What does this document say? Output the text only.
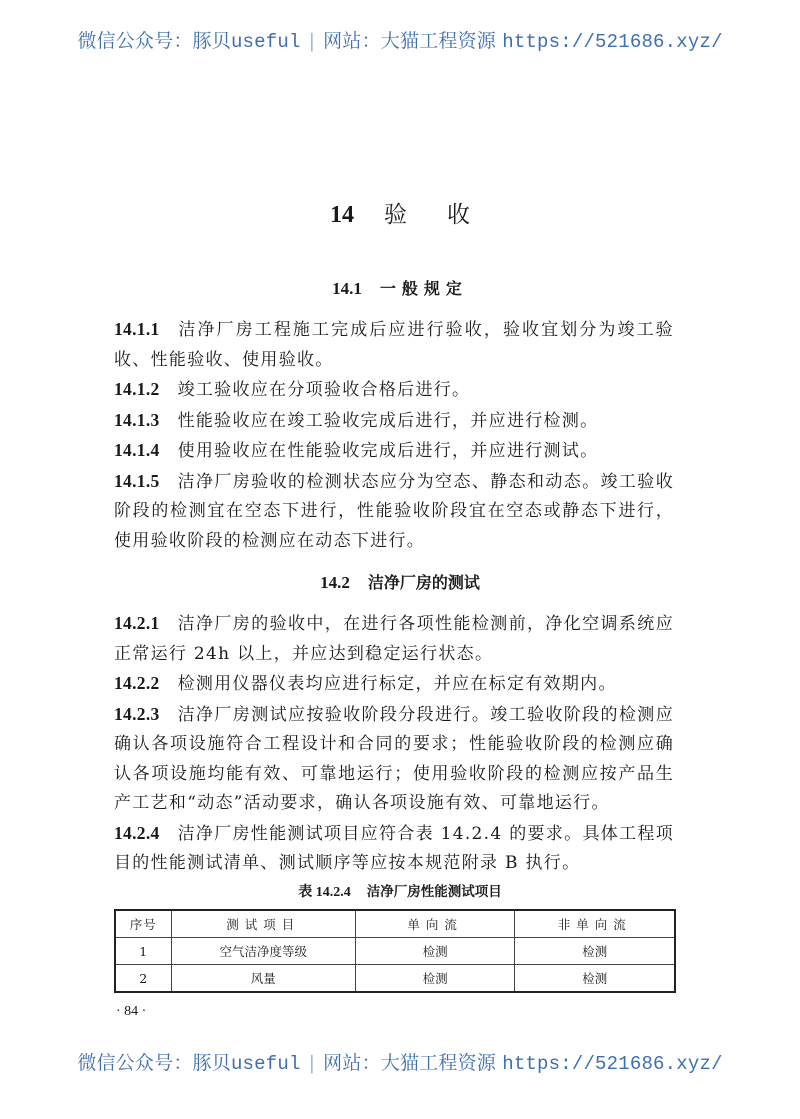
微信公众号：豚贝useful | 网站：大猫工程资源 https://521686.xyz/
14 验 收
14.1 一般规定
14.1.1 洁净厂房工程施工完成后应进行验收，验收宜划分为竣工验收、性能验收、使用验收。
14.1.2 竣工验收应在分项验收合格后进行。
14.1.3 性能验收应在竣工验收完成后进行，并应进行检测。
14.1.4 使用验收应在性能验收完成后进行，并应进行测试。
14.1.5 洁净厂房验收的检测状态应分为空态、静态和动态。竣工验收阶段的检测宜在空态下进行，性能验收阶段宜在空态或静态下进行，使用验收阶段的检测应在动态下进行。
14.2 洁净厂房的测试
14.2.1 洁净厂房的验收中，在进行各项性能检测前，净化空调系统应正常运行 24h 以上，并应达到稳定运行状态。
14.2.2 检测用仪器仪表均应进行标定，并应在标定有效期内。
14.2.3 洁净厂房测试应按验收阶段分段进行。竣工验收阶段的检测应确认各项设施符合工程设计和合同的要求；性能验收阶段的检测应确认各项设施均能有效、可靠地运行；使用验收阶段的检测应按产品生产工艺和“动态”活动要求，确认各项设施有效、可靠地运行。
14.2.4 洁净厂房性能测试项目应符合表 14.2.4 的要求。具体工程项目的性能测试清单、测试顺序等应按本规范附录 B 执行。
表 14.2.4 洁净厂房性能测试项目
序号	测试项目	单向流	非单向流
1	空气洁净度等级	检测	检测
2	风量	检测	检测
· 84 ·
微信公众号：豚贝useful | 网站：大猫工程资源 https://521686.xyz/
